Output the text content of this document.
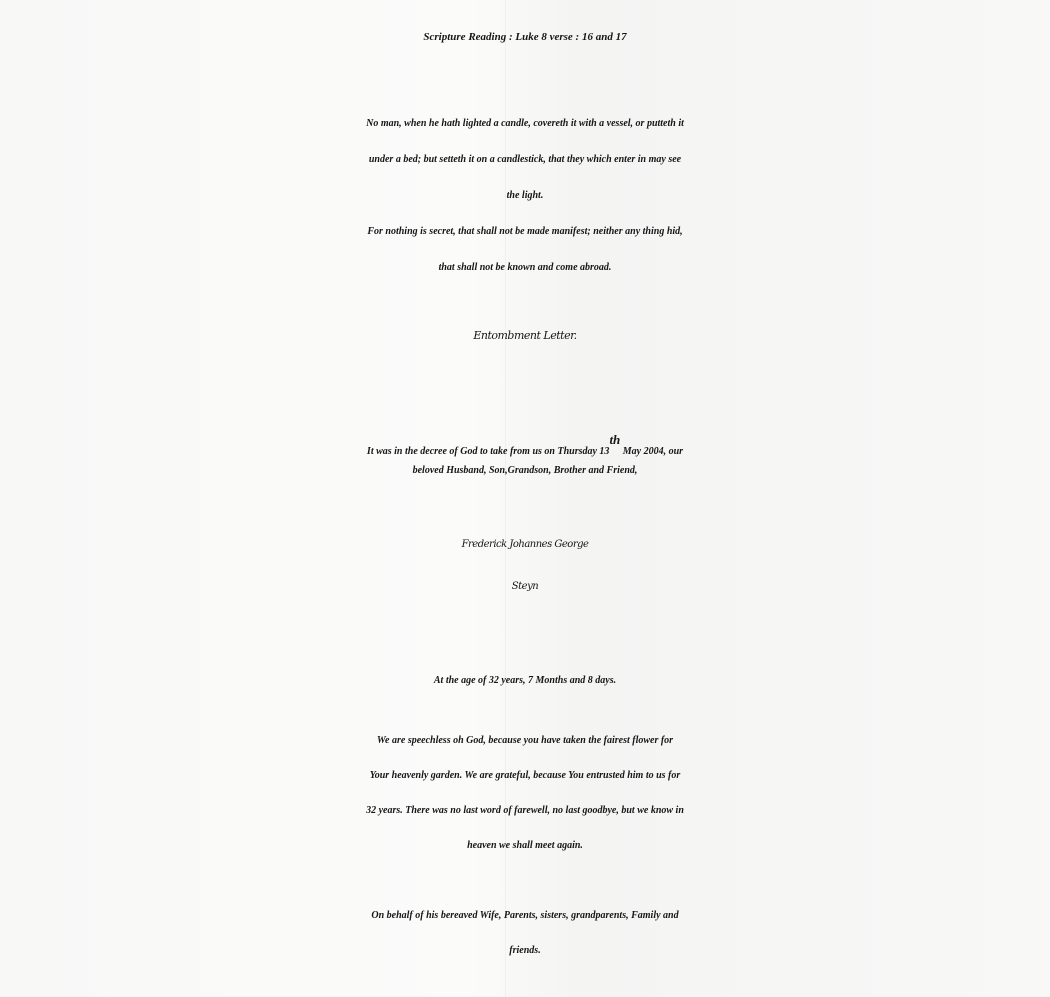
Scripture Reading : Luke 8 verse : 16 and 17
No man, when he hath lighted a candle, covereth it with a vessel, or putteth it
under a bed; but setteth it on a candlestick, that they which enter in may see
the light.
For nothing is secret, that shall not be made manifest; neither any thing hid,
that shall not be known and come abroad.
Entombment Letter.
It was in the decree of God to take from us on Thursday 13th May 2004, our
beloved Husband, Son,Grandson, Brother and Friend,
Frederick Johannes George
Steyn
At the age of 32 years, 7 Months and 8 days.
We are speechless oh God, because you have taken the fairest flower for
Your heavenly garden. We are grateful, because You entrusted him to us for
32 years. There was no last word of farewell, no last goodbye, but we know in
heaven we shall meet again.
On behalf of his bereaved Wife, Parents, sisters, grandparents, Family and
friends.
